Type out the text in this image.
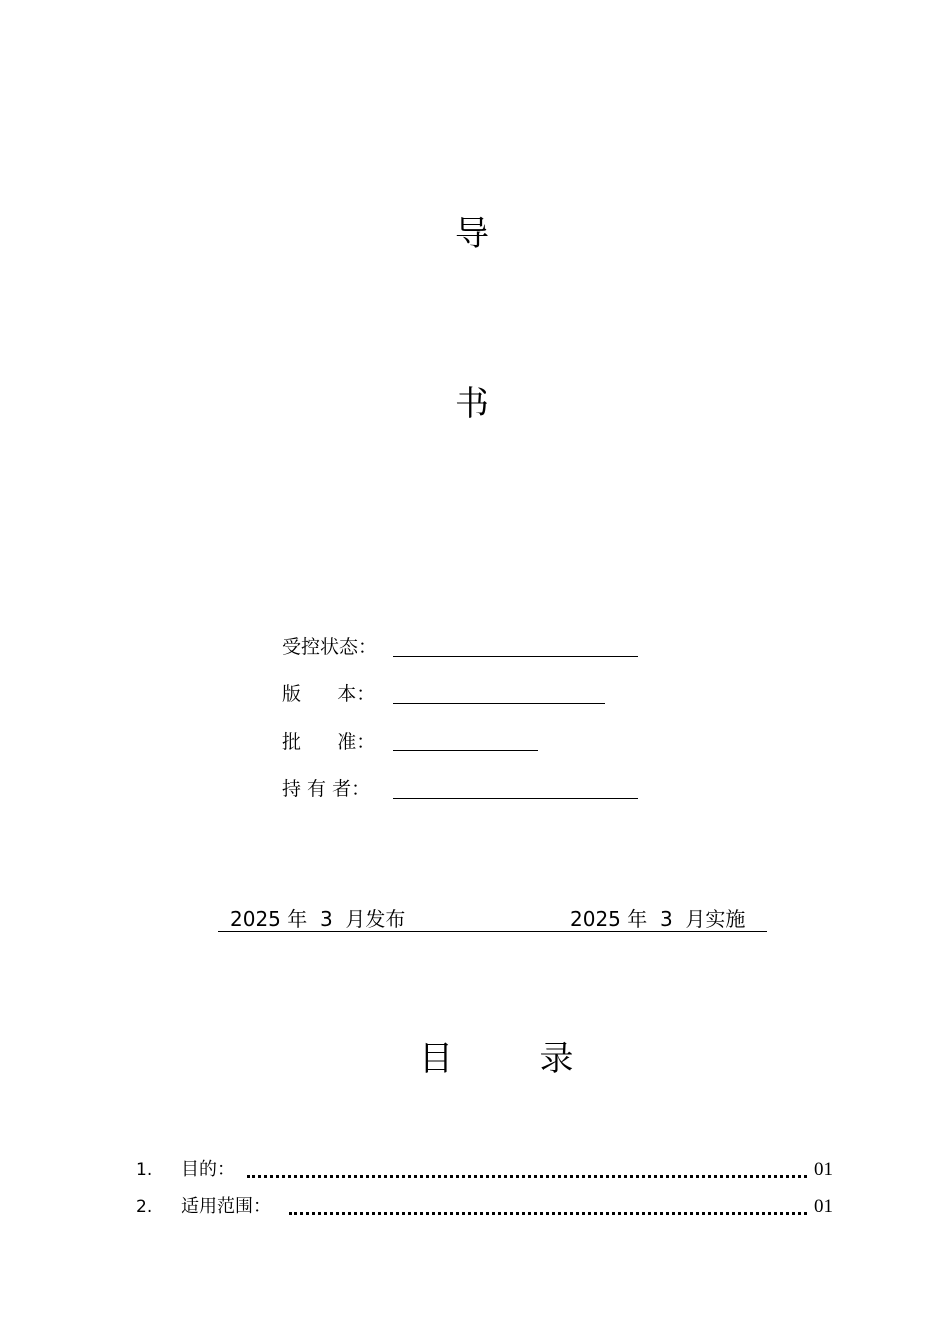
导
书
受控状态：
版      本：
批      准：
持 有 者：
2025 年  3  月发布	2025 年  3  月实施
目        录
1. 目的：	01
2. 适用范围：	01
